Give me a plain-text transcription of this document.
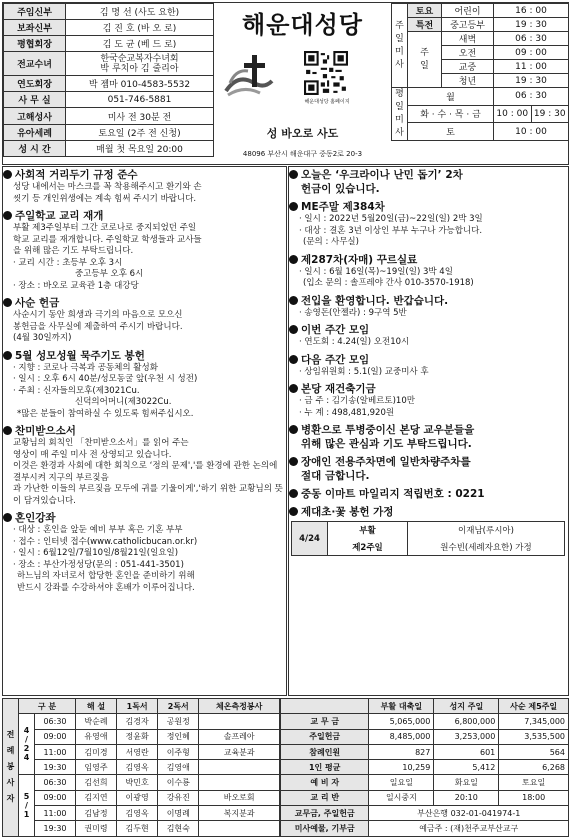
주임신부	김 명 선 (사도 요한)
보좌신부	김 진 호 (바 오 로)
평협회장	김 도 균 (베 드 로)
전교수녀	한국순교복자수녀회
박 루치아 김 줄리아

연도회장	박 젬마 010-4583-5532
사 무 실	051-746-5881
고해성사	미사 전 30분 전
유아세례	토요일 (2주 전 신청)
성 시 간	매월 첫 목요일 20:00
해운대성당
해운대성당 홈페이지
성 바오로 사도
48096 부산시 해운대구 중동2로 20-3
주
일
미
사	토요	어린이	16 : 00	
	특전	중고등부	19 : 30	

	주
일	새벽	06 : 30	
		오전	09 : 00	
		교중	11 : 00	
		청년	19 : 30	

평
일
미
사	월		06 : 30	
	화 · 수 · 목 · 금		10 : 00	19 : 30
	토		10 : 00	
사회적 거리두기 규정 준수
성당 내에서는 마스크를 꼭 착용해주시고 환기와 손
씻기 등 개인위생에는 계속 힘써 주시기 바랍니다.
주일학교 교리 재개
부활 제3주일부터 그간 코로나로 중지되었던 주일
학교 교리를 재개합니다. 주일학교 학생들과 교사들
을 위해 많은 기도 부탁드립니다.
· 교리 시간 : 초등부 오후 3시
중고등부 오후 6시
· 장소 : 바오로 교육관 1층 대강당
사순 헌금
사순시기 동안 희생과 극기의 마음으로 모으신
봉헌금을 사무실에 제출하여 주시기 바랍니다.
(4월 30일까지)
5월 성모성월 묵주기도 봉헌
· 지향 : 코로나 극복과 공동체의 활성화
· 일시 : 오후 6시 40분/성모동굴 앞(우천 시 성전)
· 주최 : 신자들의모후(제3021Cu.
신덕의어머니(제3022Cu.
*많은 분들이 참여하실 수 있도록 힘써주십시오.
찬미받으소서
교황님의 회칙인 「찬미받으소서」를 읽어 주는
영상이 매 주일 미사 전 상영되고 있습니다.
이것은 환경과 사회에 대한 회칙으로 ‘정의 문제','를 환경에 관한 논의에 결부시켜 지구의 부르짖음
과 가난한 이들의 부르짖음 모두에 귀를 기울이게','하기 위한 교황님의 뜻이 담겨있습니다.
혼인강좌
· 대상 : 혼인을 앞둔 예비 부부 혹은 기혼 부부
· 접수 : 인터넷 접수(www.catholicbucan.or.kr)
· 일시 : 6월12일/7월10일/8월21일(일요일)
· 장소 : 부산가정성당(문의 : 051-441-3501)
하느님의 자녀로서 합당한 혼인을 준비하기 위해
반드시 강좌를 수강하셔야 혼배가 이루어집니다.
오늘은 ‘우크라이나 난민 돕기’ 2차
헌금이 있습니다.
ME주말 제384차
· 일시 : 2022년 5월20일(금)~22일(일) 2박 3일
· 대상 : 결혼 3년 이상인 부부 누구나 가능합니다.
(문의 : 사무실)
제287차(자매) 꾸르실료
· 일시 : 6월 16일(목)~19일(일) 3박 4일
(입소 문의 : 솔프레야 간사 010-3570-1918)
전입을 환영합니다. 반갑습니다.
· 송영돈(안젤라) : 9구역 5반
이번 주간 모임
· 연도회 : 4.24(일) 오전10시
다음 주간 모임
· 상임위원회 : 5.1(일) 교중미사 후
본당 재건축기금
· 금 주 : 김기송(알베르토)10만
· 누 계 : 498,481,920원
병환으로 투병중이신 본당 교우분들을
위해 많은 관심과 기도 부탁드립니다.
장애인 전용주차면에 일반차량주차를
절대 금합니다.
중동 이마트 마일리지 적립번호 : 0221
제대초·꽃 봉헌 가정
4/24	부활	이재남(루시아)
	제2주일	원수빈(세례자요한) 가정
전
례
봉
사
자
	구 분	해 설	1독서	2독서	체온측정봉사

4
/
2
4
	06:30	박순례	김경자	공원정	
09:00	유영애	정윤화	정인혜	솔프레아
11:00	김미경	서영란	이주형	교육분과
19:30	임영주	김영옥	김영애	

5
/
1
	06:30	김선희	박민호	이수룡	
09:00	김지연	이광영	강유진	바오로회
11:00	김남정	김영옥	이명례	복지분과
19:30	권미령	김두현	김현숙	

	부활 대축일	성지 주일	사순 제5주일
교 무 금	5,065,000	6,800,000	7,345,000
주일헌금	8,485,000	3,253,000	3,535,500
참례인원	827	601	564
1인 평균	10,259	5,412	6,268
예 비 자	일요일	화요일	토요일
교 리 반	일시중지	20:10	18:00
교무금, 주일헌금	부산은행 032-01-041974-1
미사예물, 기부금	예금주 : (재)천주교부산교구
